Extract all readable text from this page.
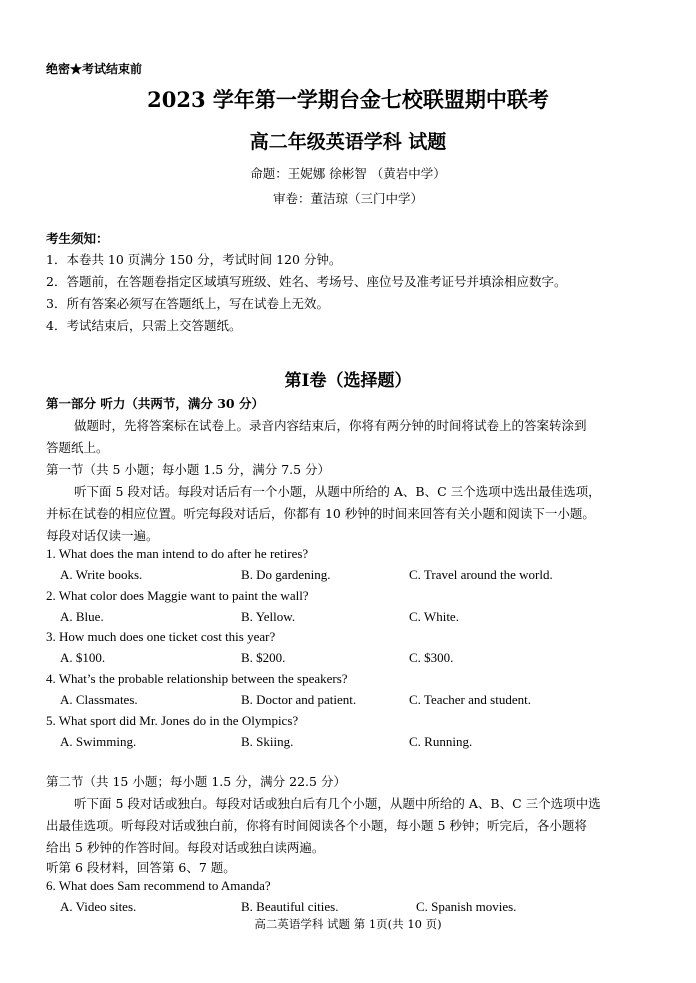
绝密★考试结束前
2023 学年第一学期台金七校联盟期中联考
高二年级英语学科 试题
命题：王妮娜 徐彬智 （黄岩中学）
审卷：董洁琼（三门中学）
考生须知：
1．本卷共 10 页满分 150 分，考试时间 120 分钟。
2．答题前，在答题卷指定区域填写班级、姓名、考场号、座位号及准考证号并填涂相应数字。
3．所有答案必须写在答题纸上，写在试卷上无效。
4．考试结束后，只需上交答题纸。
第Ⅰ卷（选择题）
第一部分 听力（共两节，满分 30 分）
做题时，先将答案标在试卷上。录音内容结束后，你将有两分钟的时间将试卷上的答案转涂到
答题纸上。
第一节（共 5 小题；每小题 1.5 分，满分 7.5 分）
听下面 5 段对话。每段对话后有一个小题，从题中所给的 A、B、C 三个选项中选出最佳选项，
并标在试卷的相应位置。听完每段对话后，你都有 10 秒钟的时间来回答有关小题和阅读下一小题。
每段对话仅读一遍。
1. What does the man intend to do after he retires?
A. Write books.	B. Do gardening.	C. Travel around the world.
2. What color does Maggie want to paint the wall?
A. Blue.	B. Yellow.	C. White.
3. How much does one ticket cost this year?
A. $100.	B. $200.	C. $300.
4. What’s the probable relationship between the speakers?
A. Classmates.	B. Doctor and patient.	C. Teacher and student.
5. What sport did Mr. Jones do in the Olympics?
A. Swimming.	B. Skiing.	C. Running.
第二节（共 15 小题；每小题 1.5 分，满分 22.5 分）
听下面 5 段对话或独白。每段对话或独白后有几个小题，从题中所给的 A、B、C 三个选项中选
出最佳选项。听每段对话或独白前，你将有时间阅读各个小题，每小题 5 秒钟；听完后，各小题将
给出 5 秒钟的作答时间。每段对话或独白读两遍。
听第 6 段材料，回答第 6、7 题。
6. What does Sam recommend to Amanda?
A. Video sites.	B. Beautiful cities.	C. Spanish movies.
高二英语学科 试题 第 1页(共 10 页)
